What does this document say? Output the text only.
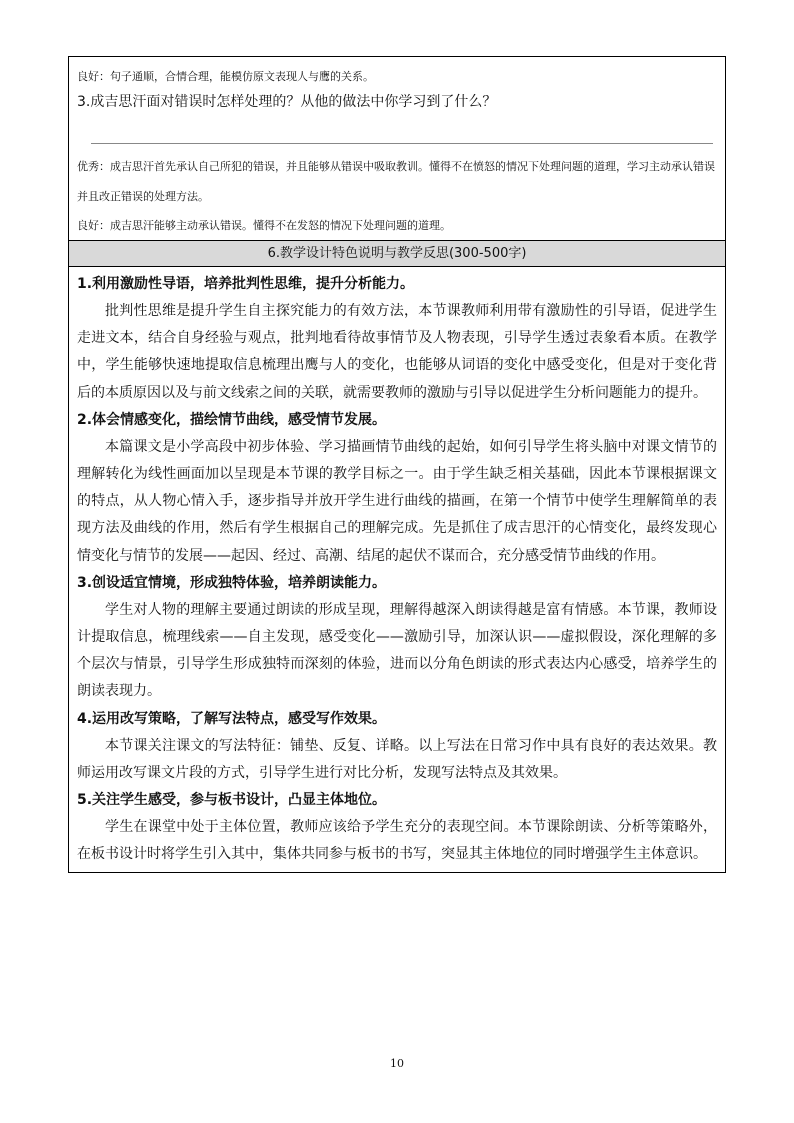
良好：句子通顺，合情合理，能模仿原文表现人与鹰的关系。
3.成吉思汗面对错误时怎样处理的？从他的做法中你学习到了什么？
优秀：成吉思汗首先承认自己所犯的错误，并且能够从错误中吸取教训。懂得不在愤怒的情况下处理问题的道理，学习主动承认错误并且改正错误的处理方法。
良好：成吉思汗能够主动承认错误。懂得不在发怒的情况下处理问题的道理。
6.教学设计特色说明与教学反思(300-500字)
1.利用激励性导语，培养批判性思维，提升分析能力。

批判性思维是提升学生自主探究能力的有效方法，本节课教师利用带有激励性的引导语，促进学生走进文本，结合自身经验与观点，批判地看待故事情节及人物表现，引导学生透过表象看本质。在教学中，学生能够快速地提取信息梳理出鹰与人的变化，也能够从词语的变化中感受变化，但是对于变化背后的本质原因以及与前文线索之间的关联，就需要教师的激励与引导以促进学生分析问题能力的提升。

2.体会情感变化，描绘情节曲线，感受情节发展。

本篇课文是小学高段中初步体验、学习描画情节曲线的起始，如何引导学生将头脑中对课文情节的理解转化为线性画面加以呈现是本节课的教学目标之一。由于学生缺乏相关基础，因此本节课根据课文的特点，从人物心情入手，逐步指导并放开学生进行曲线的描画，在第一个情节中使学生理解简单的表现方法及曲线的作用，然后有学生根据自己的理解完成。先是抓住了成吉思汗的心情变化，最终发现心情变化与情节的发展——起因、经过、高潮、结尾的起伏不谋而合，充分感受情节曲线的作用。

3.创设适宜情境，形成独特体验，培养朗读能力。

学生对人物的理解主要通过朗读的形成呈现，理解得越深入朗读得越是富有情感。本节课，教师设计提取信息，梳理线索——自主发现，感受变化——激励引导，加深认识——虚拟假设，深化理解的多个层次与情景，引导学生形成独特而深刻的体验，进而以分角色朗读的形式表达内心感受，培养学生的朗读表现力。

4.运用改写策略，了解写法特点，感受写作效果。

本节课关注课文的写法特征：铺垫、反复、详略。以上写法在日常习作中具有良好的表达效果。教师运用改写课文片段的方式，引导学生进行对比分析，发现写法特点及其效果。

5.关注学生感受，参与板书设计，凸显主体地位。

学生在课堂中处于主体位置，教师应该给予学生充分的表现空间。本节课除朗读、分析等策略外，在板书设计时将学生引入其中，集体共同参与板书的书写，突显其主体地位的同时增强学生主体意识。

10
